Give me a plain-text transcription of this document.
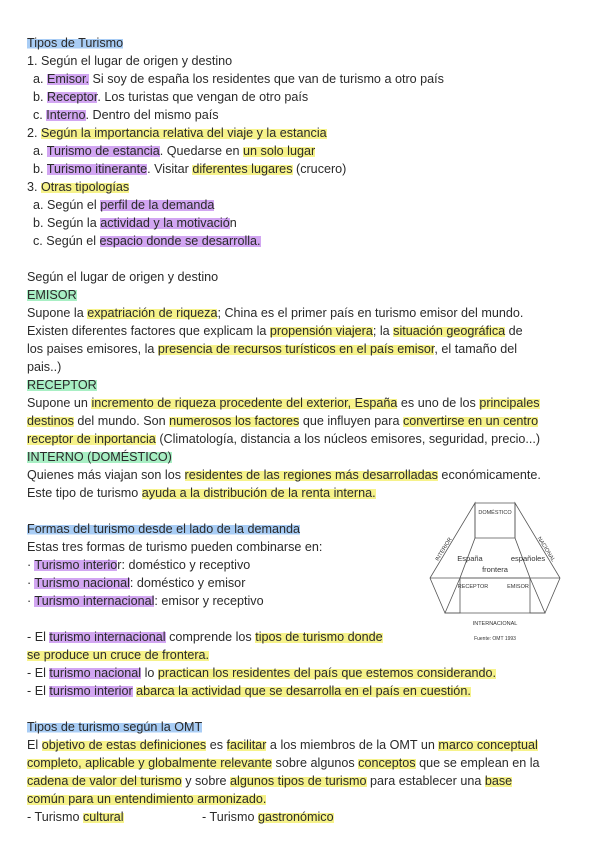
Tipos de Turismo
1. Según el lugar de origen y destino
a. Emisor. Si soy de españa los residentes que van de turismo a otro país
b. Receptor. Los turistas que vengan de otro país
c. Interno. Dentro del mismo país
2. Según la importancia relativa del viaje y la estancia
a. Turismo de estancia. Quedarse en un solo lugar
b. Turismo itinerante. Visitar diferentes lugares (crucero)
3. Otras tipologías
a. Según el perfil de la demanda
b. Según la actividad y la motivación
c. Según el espacio donde se desarrolla.
Según el lugar de origen y destino
EMISOR
Supone la expatriación de riqueza; China es el primer país en turismo emisor del mundo.
Existen diferentes factores que explicam la propensión viajera; la situación geográfica de
los paises emisores, la presencia de recursos turísticos en el país emisor, el tamaño del
pais..)
RECEPTOR
Supone un incremento de riqueza procedente del exterior, España es uno de los principales
destinos del mundo. Son numerosos los factores que influyen para convertirse en un centro
receptor de inportancia (Climatología, distancia a los núcleos emisores, seguridad, precio...)
INTERNO (DOMÉSTICO)
Quienes más viajan son los residentes de las regiones más desarrolladas económicamente.
Este tipo de turismo ayuda a la distribución de la renta interna.
Formas del turismo desde el lado de la demanda
Estas tres formas de turismo pueden combinarse en:
· Turismo interior: doméstico y receptivo
· Turismo nacional: doméstico y emisor
· Turismo internacional: emisor y receptivo
- El turismo internacional comprende los tipos de turismo donde
se produce un cruce de frontera.
- El turismo nacional lo practican los residentes del país que estemos considerando.
- El turismo interior abarca la actividad que se desarrolla en el país en cuestión.
DOMÉSTICO
INTERIOR	NACIONAL
España	españoles
frontera
RECEPTOR	EMISOR
INTERNACIONAL
Fuente: OMT 1993
Tipos de turismo según la OMT
El objetivo de estas definiciones es facilitar a los miembros de la OMT un marco conceptual
completo, aplicable y globalmente relevante sobre algunos conceptos que se emplean en la
cadena de valor del turismo y sobre algunos tipos de turismo para establecer una base
común para un entendimiento armonizado.
- Turismo cultural	- Turismo gastronómico
